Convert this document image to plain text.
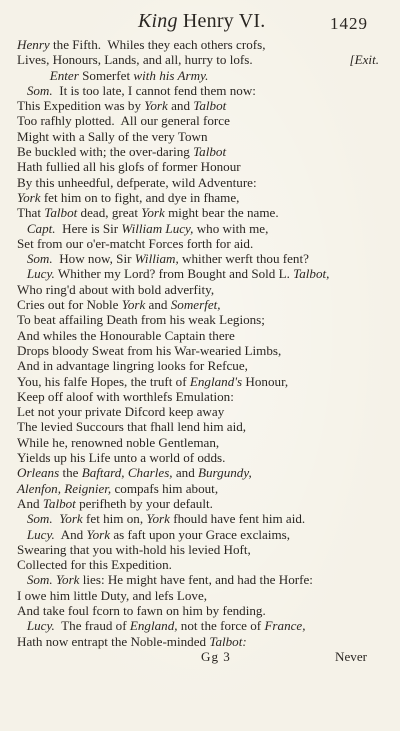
King Henry VI.	1429
Henry the Fifth.  Whiles they each others crofs,
Lives, Honours, Lands, and all, hurry to lofs.	[Exit.
Enter Somerfet with his Army.
Som.  It is too late, I cannot fend them now:
This Expedition was by York and Talbot
Too rafhly plotted.  All our general force
Might with a Sally of the very Town
Be buckled with; the over-daring Talbot
Hath fullied all his glofs of former Honour
By this unheedful, defperate, wild Adventure:
York fet him on to fight, and dye in fhame,
That Talbot dead, great York might bear the name.
Capt.  Here is Sir William Lucy, who with me,
Set from our o'er-matcht Forces forth for aid.
Som.  How now, Sir William, whither werft thou fent?
Lucy. Whither my Lord? from Bought and Sold L. Talbot,
Who ring'd about with bold adverfity,
Cries out for Noble York and Somerfet,
To beat affailing Death from his weak Legions;
And whiles the Honourable Captain there
Drops bloody Sweat from his War-wearied Limbs,
And in advantage lingring looks for Refcue,
You, his falfe Hopes, the truft of England's Honour,
Keep off aloof with worthlefs Emulation:
Let not your private Difcord keep away
The levied Succours that fhall lend him aid,
While he, renowned noble Gentleman,
Yields up his Life unto a world of odds.
Orleans the Baftard, Charles, and Burgundy,
Alenfon, Reignier, compafs him about,
And Talbot perifheth by your default.
Som. York fet him on, York fhould have fent him aid.
Lucy.  And York as faft upon your Grace exclaims,
Swearing that you with-hold his levied Hoft,
Collected for this Expedition.
Som. York lies: He might have fent, and had the Horfe:
I owe him little Duty, and lefs Love,
And take foul fcorn to fawn on him by fending.
Lucy.  The fraud of England, not the force of France,
Hath now entrapt the Noble-minded Talbot:
Gg 3	Never
